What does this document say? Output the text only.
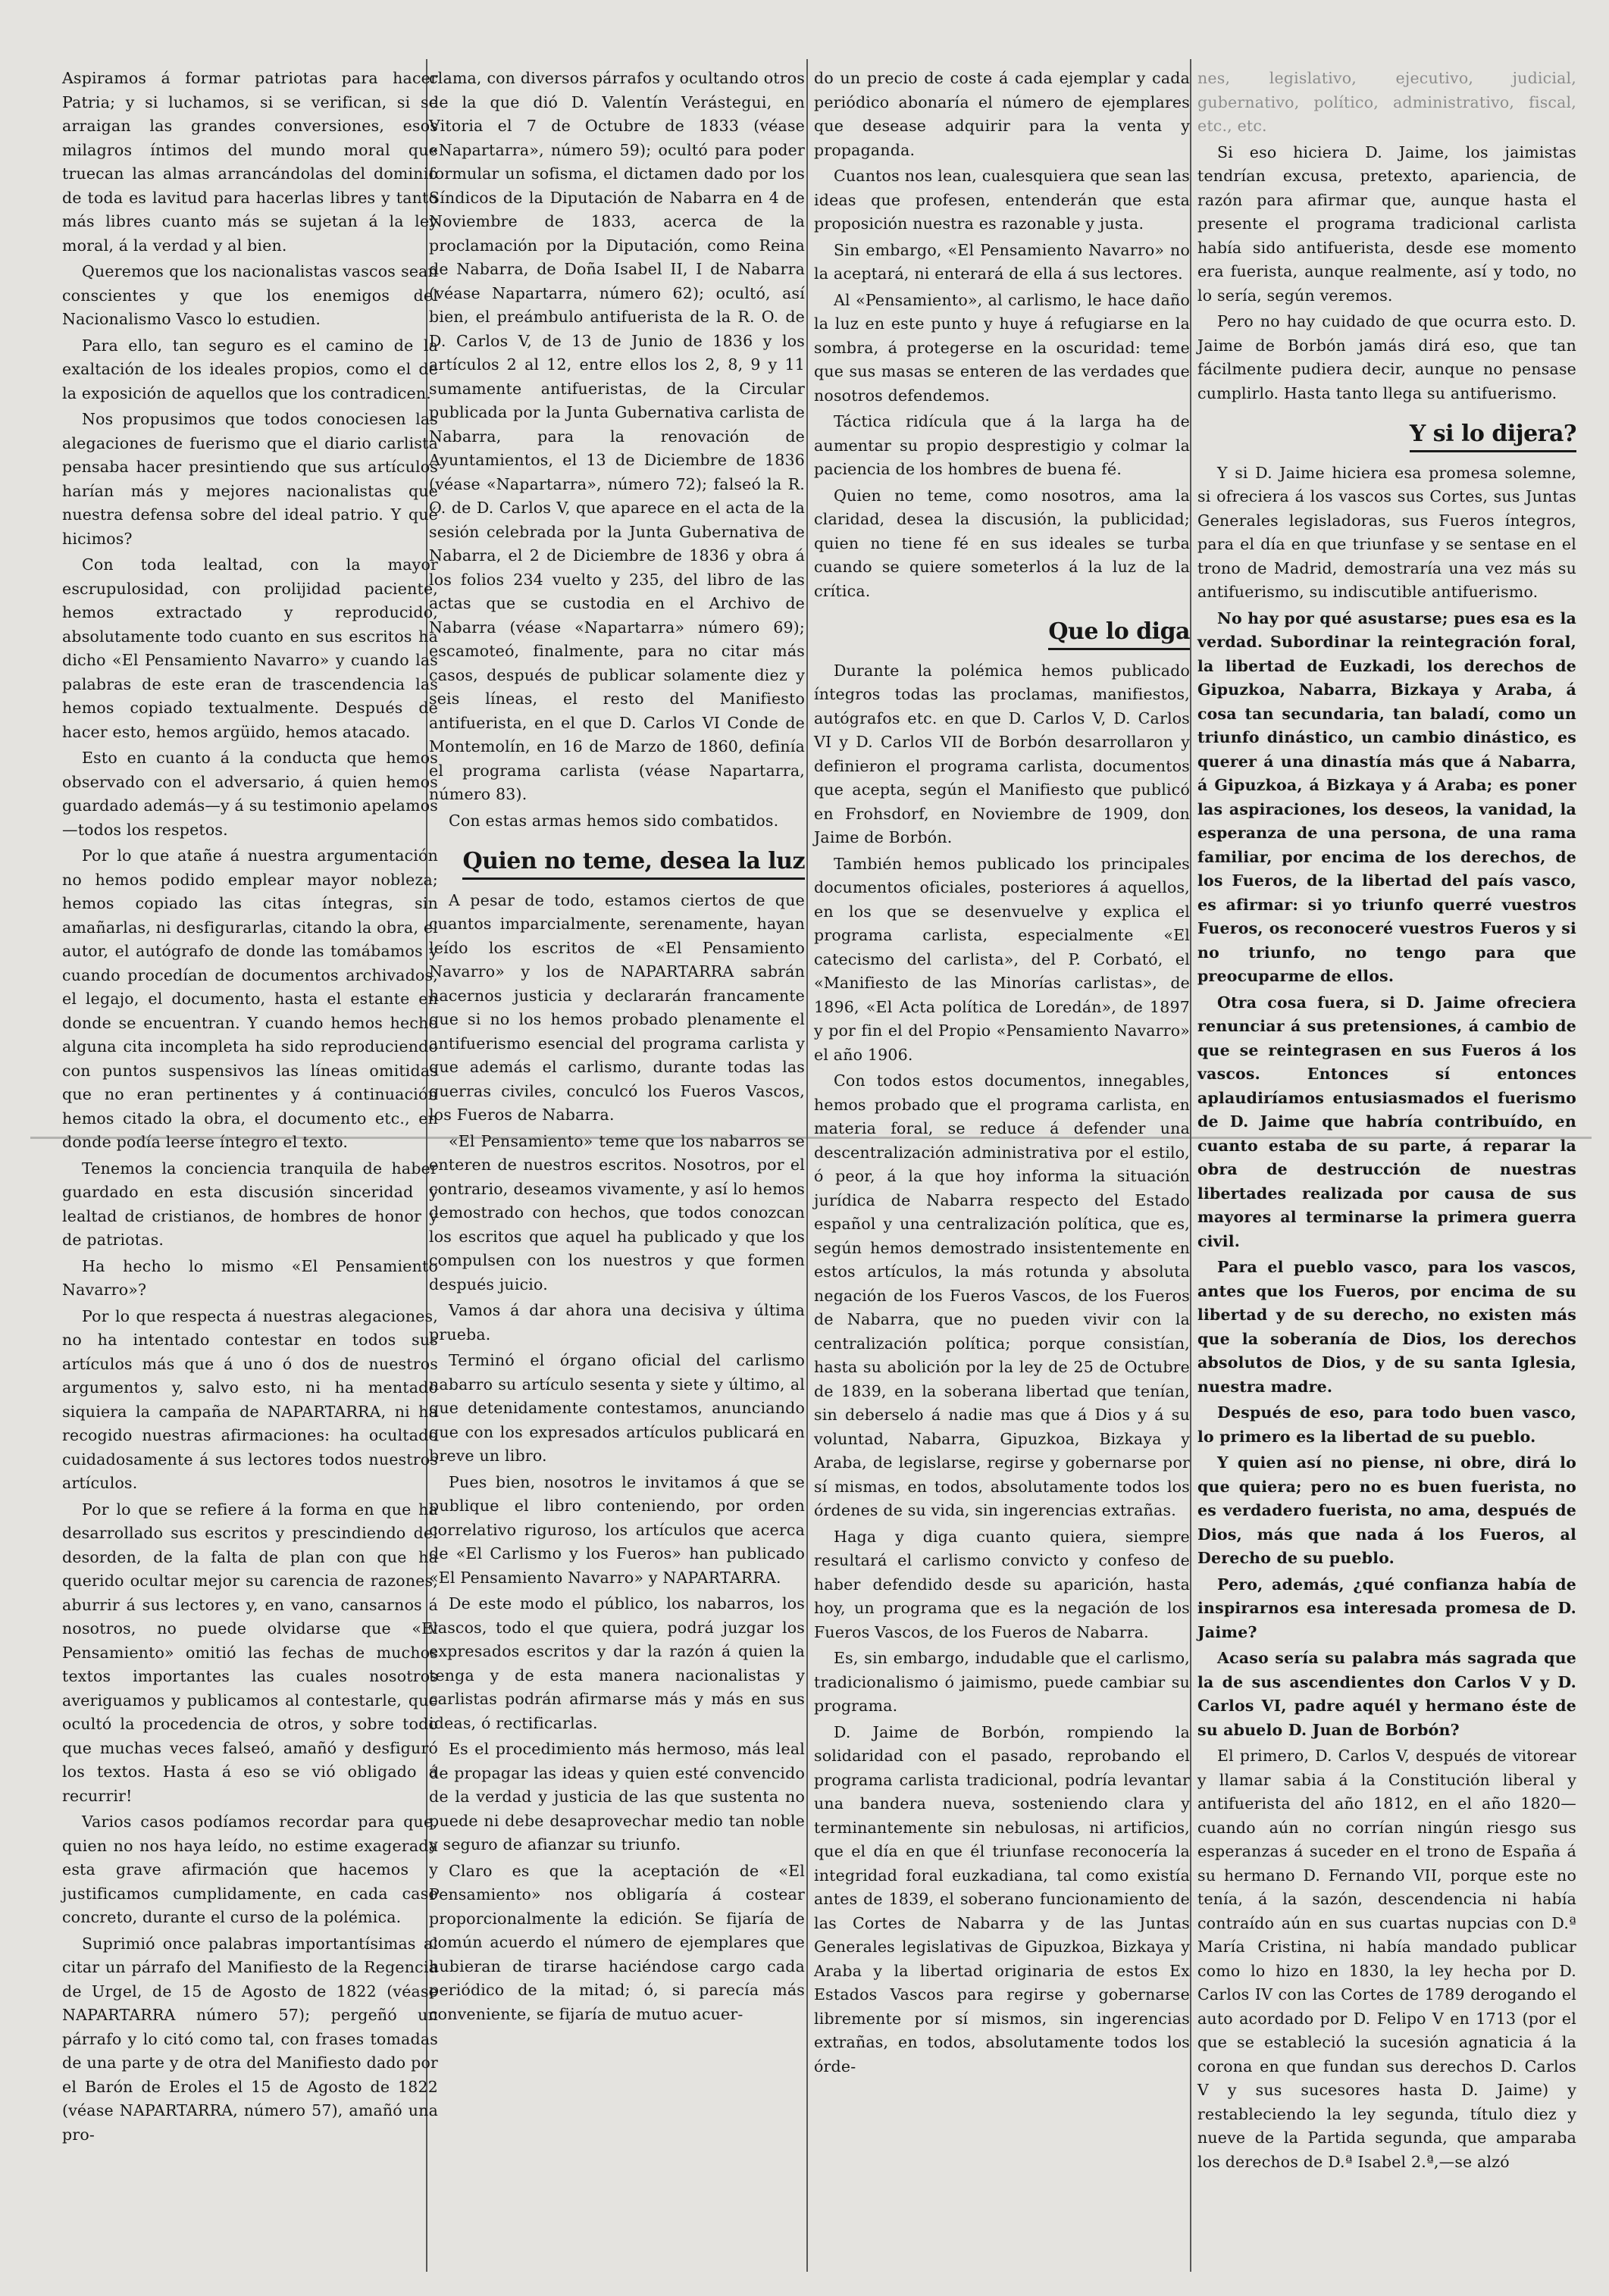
Aspiramos á formar patriotas para hacer Patria; y si luchamos, si se verifican, si se arraigan las grandes conversiones, esos milagros íntimos del mundo moral que truecan las almas arrancándolas del dominio de toda es lavitud para hacerlas libres y tanto más libres cuanto más se sujetan á la ley moral, á la verdad y al bien.

Queremos que los nacionalistas vascos sean conscientes y que los enemigos del Nacionalismo Vasco lo estudien.

Para ello, tan seguro es el camino de la exaltación de los ideales propios, como el de la exposición de aquellos que los contradicen.

Nos propusimos que todos conociesen las alegaciones de fuerismo que el diario carlista pensaba hacer presintiendo que sus artículos harían más y mejores nacionalistas que nuestra defensa sobre del ideal patrio. Y qué hicimos?

Con toda lealtad, con la mayor escrupulosidad, con prolijidad paciente, hemos extractado y reproducido, absolutamente todo cuanto en sus escritos ha dicho «El Pensamiento Navarro» y cuando las palabras de este eran de trascendencia las hemos copiado textualmente. Después de hacer esto, hemos argüido, hemos atacado.

Esto en cuanto á la conducta que hemos observado con el adversario, á quien hemos guardado además—y á su testimonio apelamos—todos los respetos.

Por lo que atañe á nuestra argumentación no hemos podido emplear mayor nobleza; hemos copiado las citas íntegras, sin amañarlas, ni desfigurarlas, citando la obra, el autor, el autógrafo de donde las tomábamos y cuando procedían de documentos archivados, el legajo, el documento, hasta el estante en donde se encuentran. Y cuando hemos hecho alguna cita incompleta ha sido reproduciendo con puntos suspensivos las líneas omitidas que no eran pertinentes y á continuación hemos citado la obra, el documento etc., en donde podía leerse íntegro el texto.

Tenemos la conciencia tranquila de haber guardado en esta discusión sinceridad y lealtad de cristianos, de hombres de honor y de patriotas.

Ha hecho lo mismo «El Pensamiento Navarro»?

Por lo que respecta á nuestras alegaciones, no ha intentado contestar en todos sus artículos más que á uno ó dos de nuestros argumentos y, salvo esto, ni ha mentado siquiera la campaña de NAPARTARRA, ni ha recogido nuestras afirmaciones: ha ocultado cuidadosamente á sus lectores todos nuestros artículos.

Por lo que se refiere á la forma en que ha desarrollado sus escritos y prescindiendo del desorden, de la falta de plan con que ha querido ocultar mejor su carencia de razones, aburrir á sus lectores y, en vano, cansarnos á nosotros, no puede olvidarse que «El Pensamiento» omitió las fechas de muchos textos importantes las cuales nosotros averiguamos y publicamos al contestarle, que ocultó la procedencia de otros, y sobre todo que muchas veces falseó, amañó y desfiguró los textos. Hasta á eso se vió obligado á recurrir!

Varios casos podíamos recordar para que, quien no nos haya leído, no estime exagerada esta grave afirmación que hacemos y justificamos cumplidamente, en cada caso concreto, durante el curso de la polémica.

Suprimió once palabras importantísimas al citar un párrafo del Manifiesto de la Regencia de Urgel, de 15 de Agosto de 1822 (véase NAPARTARRA número 57); pergeñó un párrafo y lo citó como tal, con frases tomadas de una parte y de otra del Manifiesto dado por el Barón de Eroles el 15 de Agosto de 1822 (véase NAPARTARRA, número 57), amañó una pro-

clama, con diversos párrafos y ocultando otros de la que dió D. Valentín Verástegui, en Vitoria el 7 de Octubre de 1833 (véase «Napartarra», número 59); ocultó para poder formular un sofisma, el dictamen dado por los Síndicos de la Diputación de Nabarra en 4 de Noviembre de 1833, acerca de la proclamación por la Diputación, como Reina de Nabarra, de Doña Isabel II, I de Nabarra (véase Napartarra, número 62); ocultó, así bien, el preámbulo antifuerista de la R. O. de D. Carlos V, de 13 de Junio de 1836 y los artículos 2 al 12, entre ellos los 2, 8, 9 y 11 sumamente antifueristas, de la Circular publicada por la Junta Gubernativa carlista de Nabarra, para la renovación de Ayuntamientos, el 13 de Diciembre de 1836 (véase «Napartarra», número 72); falseó la R. O. de D. Carlos V, que aparece en el acta de la sesión celebrada por la Junta Gubernativa de Nabarra, el 2 de Diciembre de 1836 y obra á los folios 234 vuelto y 235, del libro de las actas que se custodia en el Archivo de Nabarra (véase «Napartarra» número 69); escamoteó, finalmente, para no citar más casos, después de publicar solamente diez y seis líneas, el resto del Manifiesto antifuerista, en el que D. Carlos VI Conde de Montemolín, en 16 de Marzo de 1860, definía el programa carlista (véase Napartarra, número 83).

Con estas armas hemos sido combatidos.

Quien no teme, desea la luz

A pesar de todo, estamos ciertos de que cuantos imparcialmente, serenamente, hayan leído los escritos de «El Pensamiento Navarro» y los de NAPARTARRA sabrán hacernos justicia y declararán francamente que si no los hemos probado plenamente el antifuerismo esencial del programa carlista y que además el carlismo, durante todas las guerras civiles, conculcó los Fueros Vascos, los Fueros de Nabarra.

«El Pensamiento» teme que los nabarros se enteren de nuestros escritos. Nosotros, por el contrario, deseamos vivamente, y así lo hemos demostrado con hechos, que todos conozcan los escritos que aquel ha publicado y que los compulsen con los nuestros y que formen después juicio.

Vamos á dar ahora una decisiva y última prueba.

Terminó el órgano oficial del carlismo nabarro su artículo sesenta y siete y último, al que detenidamente contestamos, anunciando que con los expresados artículos publicará en breve un libro.

Pues bien, nosotros le invitamos á que se publique el libro conteniendo, por orden correlativo riguroso, los artículos que acerca de «El Carlismo y los Fueros» han publicado «El Pensamiento Navarro» y NAPARTARRA.

De este modo el público, los nabarros, los vascos, todo el que quiera, podrá juzgar los expresados escritos y dar la razón á quien la tenga y de esta manera nacionalistas y carlistas podrán afirmarse más y más en sus ideas, ó rectificarlas.

Es el procedimiento más hermoso, más leal de propagar las ideas y quien esté convencido de la verdad y justicia de las que sustenta no puede ni debe desaprovechar medio tan noble y seguro de afianzar su triunfo.

Claro es que la aceptación de «El Pensamiento» nos obligaría á costear proporcionalmente la edición. Se fijaría de común acuerdo el número de ejemplares que hubieran de tirarse haciéndose cargo cada periódico de la mitad; ó, si parecía más conveniente, se fijaría de mutuo acuer-

do un precio de coste á cada ejemplar y cada periódico abonaría el número de ejemplares que desease adquirir para la venta y propaganda.

Cuantos nos lean, cualesquiera que sean las ideas que profesen, entenderán que esta proposición nuestra es razonable y justa.

Sin embargo, «El Pensamiento Navarro» no la aceptará, ni enterará de ella á sus lectores.

Al «Pensamiento», al carlismo, le hace daño la luz en este punto y huye á refugiarse en la sombra, á protegerse en la oscuridad: teme que sus masas se enteren de las verdades que nosotros defendemos.

Táctica ridícula que á la larga ha de aumentar su propio desprestigio y colmar la paciencia de los hombres de buena fé.

Quien no teme, como nosotros, ama la claridad, desea la discusión, la publicidad; quien no tiene fé en sus ideales se turba cuando se quiere someterlos á la luz de la crítica.

Que lo diga

Durante la polémica hemos publicado íntegros todas las proclamas, manifiestos, autógrafos etc. en que D. Carlos V, D. Carlos VI y D. Carlos VII de Borbón desarrollaron y definieron el programa carlista, documentos que acepta, según el Manifiesto que publicó en Frohsdorf, en Noviembre de 1909, don Jaime de Borbón.

También hemos publicado los principales documentos oficiales, posteriores á aquellos, en los que se desenvuelve y explica el programa carlista, especialmente «El catecismo del carlista», del P. Corbató, el «Manifiesto de las Minorías carlistas», de 1896, «El Acta política de Loredán», de 1897 y por fin el del Propio «Pensamiento Navarro» el año 1906.

Con todos estos documentos, innegables, hemos probado que el programa carlista, en materia foral, se reduce á defender una descentralización administrativa por el estilo, ó peor, á la que hoy informa la situación jurídica de Nabarra respecto del Estado español y una centralización política, que es, según hemos demostrado insistentemente en estos artículos, la más rotunda y absoluta negación de los Fueros Vascos, de los Fueros de Nabarra, que no pueden vivir con la centralización política; porque consistían, hasta su abolición por la ley de 25 de Octubre de 1839, en la soberana libertad que tenían, sin deberselo á nadie mas que á Dios y á su voluntad, Nabarra, Gipuzkoa, Bizkaya y Araba, de legislarse, regirse y gobernarse por sí mismas, en todos, absolutamente todos los órdenes de su vida, sin ingerencias extrañas.

Haga y diga cuanto quiera, siempre resultará el carlismo convicto y confeso de haber defendido desde su aparición, hasta hoy, un programa que es la negación de los Fueros Vascos, de los Fueros de Nabarra.

Es, sin embargo, indudable que el carlismo, tradicionalismo ó jaimismo, puede cambiar su programa.

D. Jaime de Borbón, rompiendo la solidaridad con el pasado, reprobando el programa carlista tradicional, podría levantar una bandera nueva, sosteniendo clara y terminantemente sin nebulosas, ni artificios, que el día en que él triunfase reconocería la integridad foral euzkadiana, tal como existía antes de 1839, el soberano funcionamiento de las Cortes de Nabarra y de las Juntas Generales legislativas de Gipuzkoa, Bizkaya y Araba y la libertad originaria de estos Ex Estados Vascos para regirse y gobernarse libremente por sí mismos, sin ingerencias extrañas, en todos, absolutamente todos los órde-

nes, legislativo, ejecutivo, judicial, gubernativo, político, administrativo, fiscal, etc., etc.

Si eso hiciera D. Jaime, los jaimistas tendrían excusa, pretexto, apariencia, de razón para afirmar que, aunque hasta el presente el programa tradicional carlista había sido antifuerista, desde ese momento era fuerista, aunque realmente, así y todo, no lo sería, según veremos.

Pero no hay cuidado de que ocurra esto. D. Jaime de Borbón jamás dirá eso, que tan fácilmente pudiera decir, aunque no pensase cumplirlo. Hasta tanto llega su antifuerismo.

Y si lo dijera?

Y si D. Jaime hiciera esa promesa solemne, si ofreciera á los vascos sus Cortes, sus Juntas Generales legisladoras, sus Fueros íntegros, para el día en que triunfase y se sentase en el trono de Madrid, demostraría una vez más su antifuerismo, su indiscutible antifuerismo.

No hay por qué asustarse; pues esa es la verdad. Subordinar la reintegración foral, la libertad de Euzkadi, los derechos de Gipuzkoa, Nabarra, Bizkaya y Araba, á cosa tan secundaria, tan baladí, como un triunfo dinástico, un cambio dinástico, es querer á una dinastía más que á Nabarra, á Gipuzkoa, á Bizkaya y á Araba; es poner las aspiraciones, los deseos, la vanidad, la esperanza de una persona, de una rama familiar, por encima de los derechos, de los Fueros, de la libertad del país vasco, es afirmar: si yo triunfo querré vuestros Fueros, os reconoceré vuestros Fueros y si no triunfo, no tengo para que preocuparme de ellos.

Otra cosa fuera, si D. Jaime ofreciera renunciar á sus pretensiones, á cambio de que se reintegrasen en sus Fueros á los vascos. Entonces sí entonces aplaudiríamos entusiasmados el fuerismo de D. Jaime que habría contribuído, en cuanto estaba de su parte, á reparar la obra de destrucción de nuestras libertades realizada por causa de sus mayores al terminarse la primera guerra civil.

Para el pueblo vasco, para los vascos, antes que los Fueros, por encima de su libertad y de su derecho, no existen más que la soberanía de Dios, los derechos absolutos de Dios, y de su santa Iglesia, nuestra madre.

Después de eso, para todo buen vasco, lo primero es la libertad de su pueblo.

Y quien así no piense, ni obre, dirá lo que quiera; pero no es buen fuerista, no es verdadero fuerista, no ama, después de Dios, más que nada á los Fueros, al Derecho de su pueblo.

Pero, además, ¿qué confianza había de inspirarnos esa interesada promesa de D. Jaime?

Acaso sería su palabra más sagrada que la de sus ascendientes don Carlos V y D. Carlos VI, padre aquél y hermano éste de su abuelo D. Juan de Borbón?

El primero, D. Carlos V, después de vitorear y llamar sabia á la Constitución liberal y antifuerista del año 1812, en el año 1820—cuando aún no corrían ningún riesgo sus esperanzas á suceder en el trono de España á su hermano D. Fernando VII, porque este no tenía, á la sazón, descendencia ni había contraído aún en sus cuartas nupcias con D.ª María Cristina, ni había mandado publicar como lo hizo en 1830, la ley hecha por D. Carlos IV con las Cortes de 1789 derogando el auto acordado por D. Felipo V en 1713 (por el que se estableció la sucesión agnaticia á la corona en que fundan sus derechos D. Carlos V y sus sucesores hasta D. Jaime) y restableciendo la ley segunda, título diez y nueve de la Partida segunda, que amparaba los derechos de D.ª Isabel 2.ª,—se alzó
